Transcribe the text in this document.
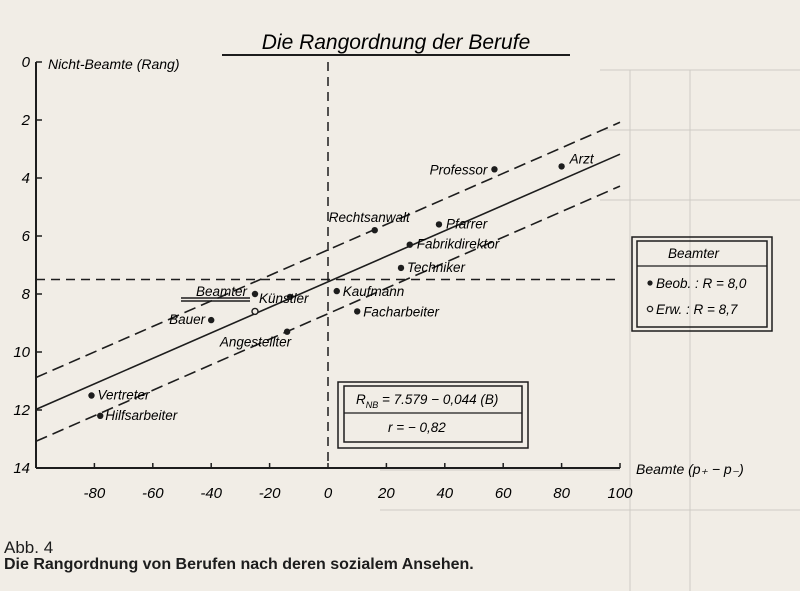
Die Rangordnung der Berufe
Nicht-Beamte (Rang)
Beamte (p₊ − p₋)
0
2
4
6
8
10
12
14
-80 -60 -40 -20	0	20	40	60	80	100
Arzt
Professor
Pfarrer
Rechtsanwalt
Fabrikdirektor
Techniker
Kaufmann
Facharbeiter
Künstler
Beamter
Bauer
Angestellter
Vertreter
Hilfsarbeiter
$R_{NB} = 7.579 - 0,044$ (B)
r = − 0,82
Beamter
Beob. : R = 8,0
Erw. : R = 8,7
Abb. 4
Die Rangordnung von Berufen nach deren sozialem Ansehen.
